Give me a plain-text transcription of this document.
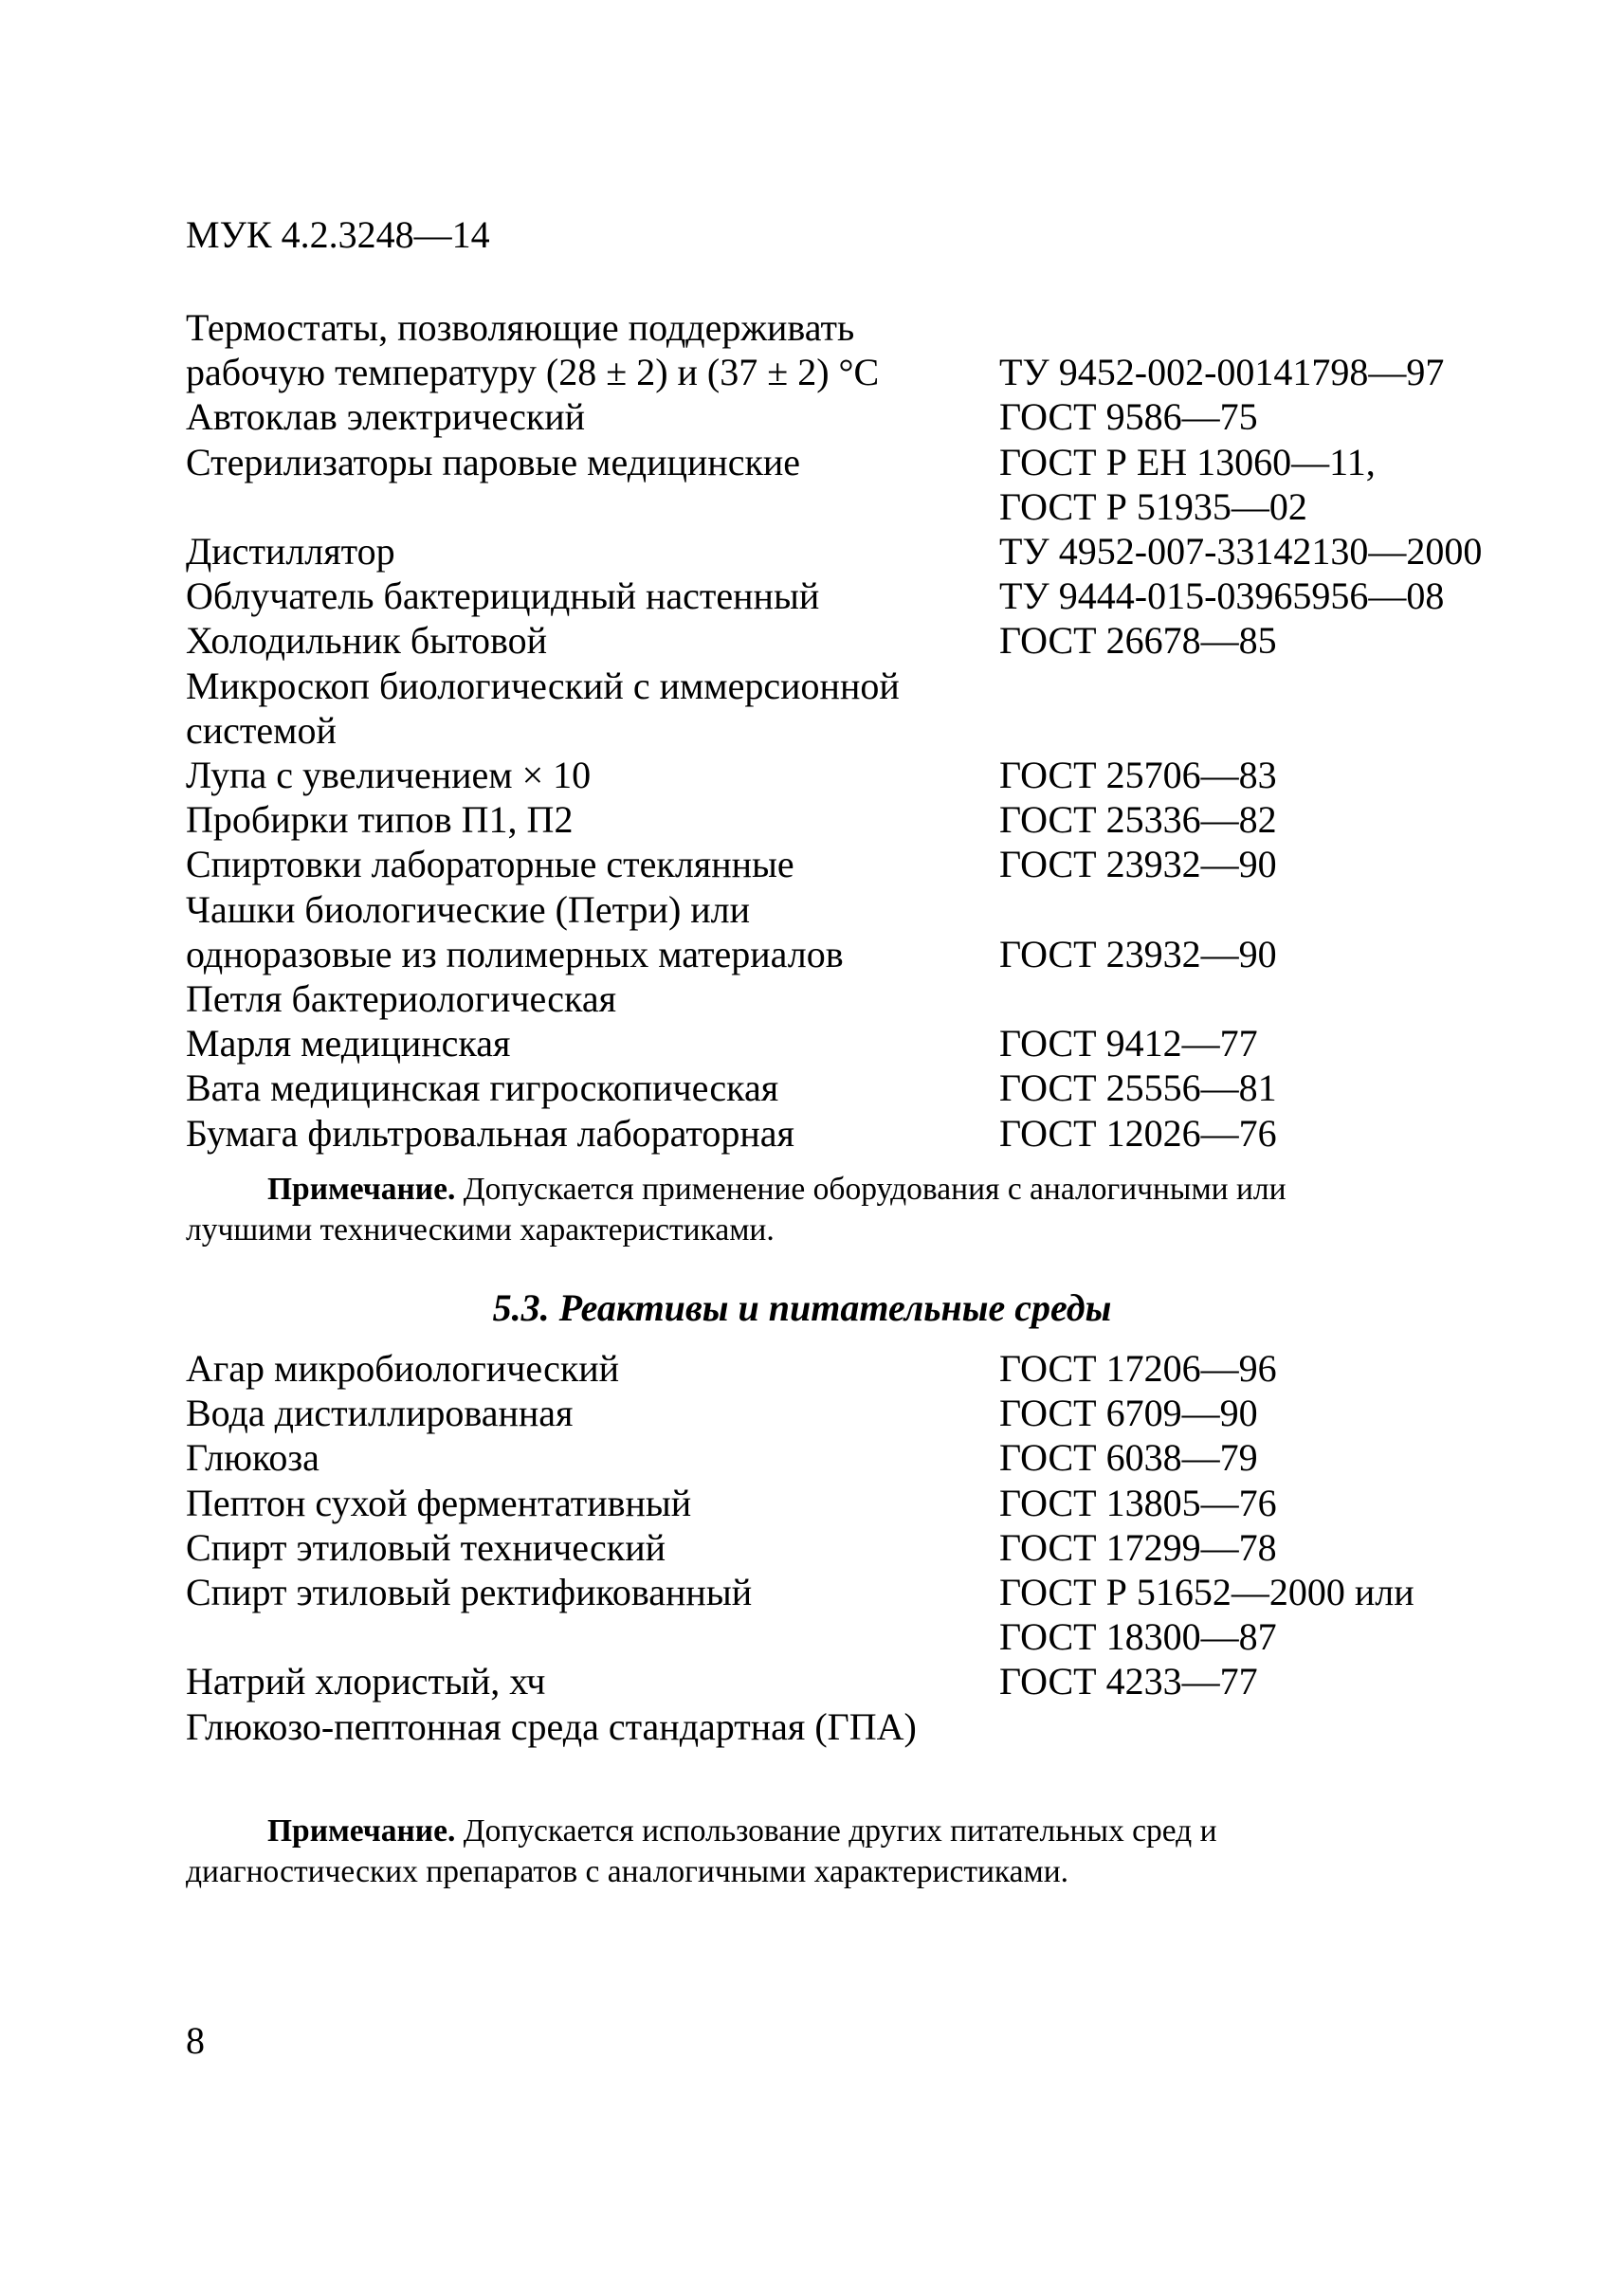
МУК 4.2.3248—14
Термостаты, позволяющие поддерживать
рабочую температуру (28 ± 2) и (37 ± 2) °С	ТУ 9452-002-00141798—97
Автоклав электрический	ГОСТ 9586—75
Стерилизаторы паровые медицинские	ГОСТ Р ЕН 13060—11,
ГОСТ Р 51935—02
Дистиллятор	ТУ 4952-007-33142130—2000
Облучатель бактерицидный настенный	ТУ 9444-015-03965956—08
Холодильник бытовой	ГОСТ 26678—85
Микроскоп биологический с иммерсионной
системой
Лупа с увеличением × 10	ГОСТ 25706—83
Пробирки типов П1, П2	ГОСТ 25336—82
Спиртовки лабораторные стеклянные	ГОСТ 23932—90
Чашки биологические (Петри) или
одноразовые из полимерных материалов	ГОСТ 23932—90
Петля бактериологическая
Марля медицинская	ГОСТ 9412—77
Вата медицинская гигроскопическая	ГОСТ 25556—81
Бумага фильтровальная лабораторная	ГОСТ 12026—76

Примечание. Допускается применение оборудования с аналогичными или лучшими техническими характеристиками.

5.3. Реактивы и питательные среды
Агар микробиологический	ГОСТ 17206—96
Вода дистиллированная	ГОСТ 6709—90
Глюкоза	ГОСТ 6038—79
Пептон сухой ферментативный	ГОСТ 13805—76
Спирт этиловый технический	ГОСТ 17299—78
Спирт этиловый ректификованный	ГОСТ Р 51652—2000 или
ГОСТ 18300—87
Натрий хлористый, хч	ГОСТ 4233—77
Глюкозо-пептонная среда стандартная (ГПА)

Примечание. Допускается использование других питательных сред и диагностических препаратов с аналогичными характеристиками.

8
